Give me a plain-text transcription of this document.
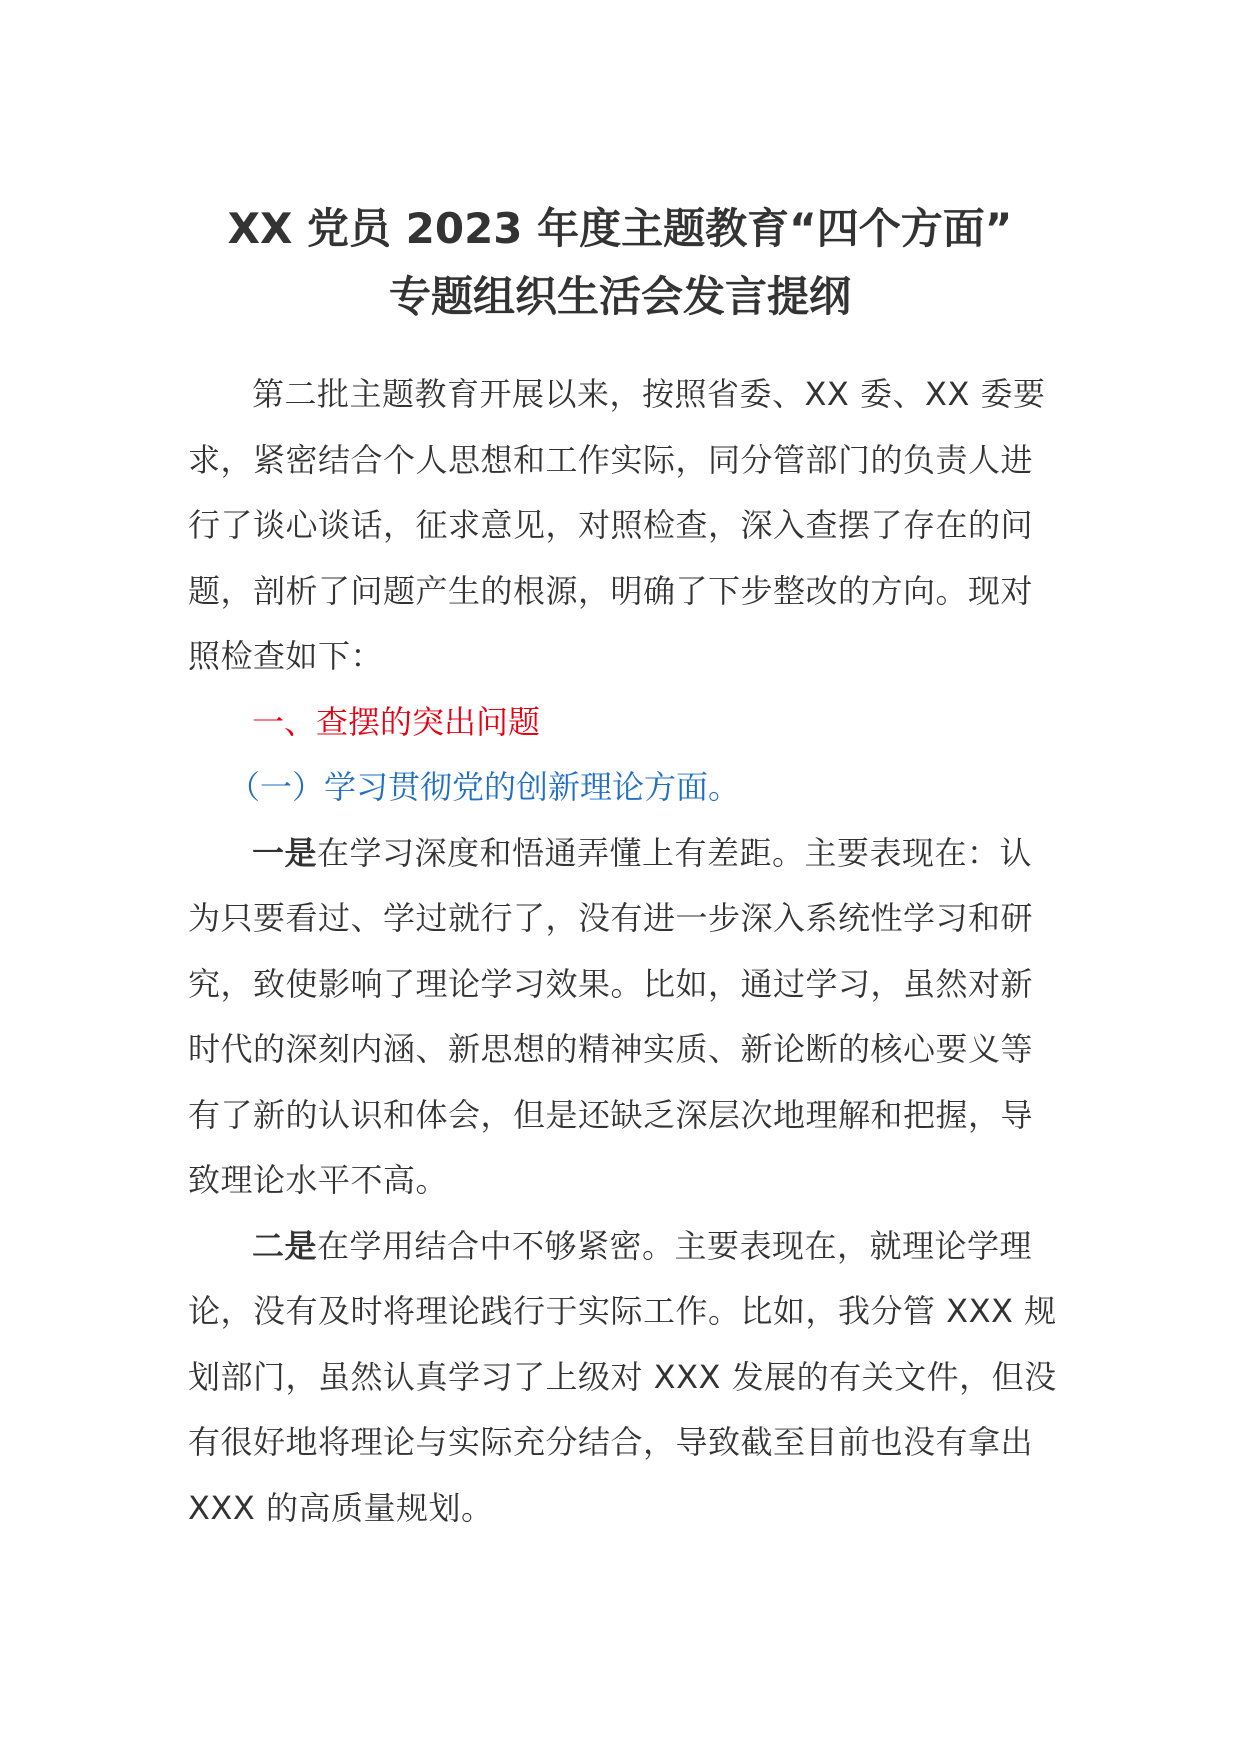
XX 党员 2023 年度主题教育“四个方面”
专题组织生活会发言提纲
第二批主题教育开展以来，按照省委、XX 委、XX 委要
求，紧密结合个人思想和工作实际，同分管部门的负责人进
行了谈心谈话，征求意见，对照检查，深入查摆了存在的问
题，剖析了问题产生的根源，明确了下步整改的方向。现对
照检查如下：
一、查摆的突出问题
（一）学习贯彻党的创新理论方面。
一是在学习深度和悟通弄懂上有差距。主要表现在：认
为只要看过、学过就行了，没有进一步深入系统性学习和研
究，致使影响了理论学习效果。比如，通过学习，虽然对新
时代的深刻内涵、新思想的精神实质、新论断的核心要义等
有了新的认识和体会，但是还缺乏深层次地理解和把握，导
致理论水平不高。
二是在学用结合中不够紧密。主要表现在，就理论学理
论，没有及时将理论践行于实际工作。比如，我分管 XXX 规
划部门，虽然认真学习了上级对 XXX 发展的有关文件，但没
有很好地将理论与实际充分结合，导致截至目前也没有拿出
XXX 的高质量规划。
